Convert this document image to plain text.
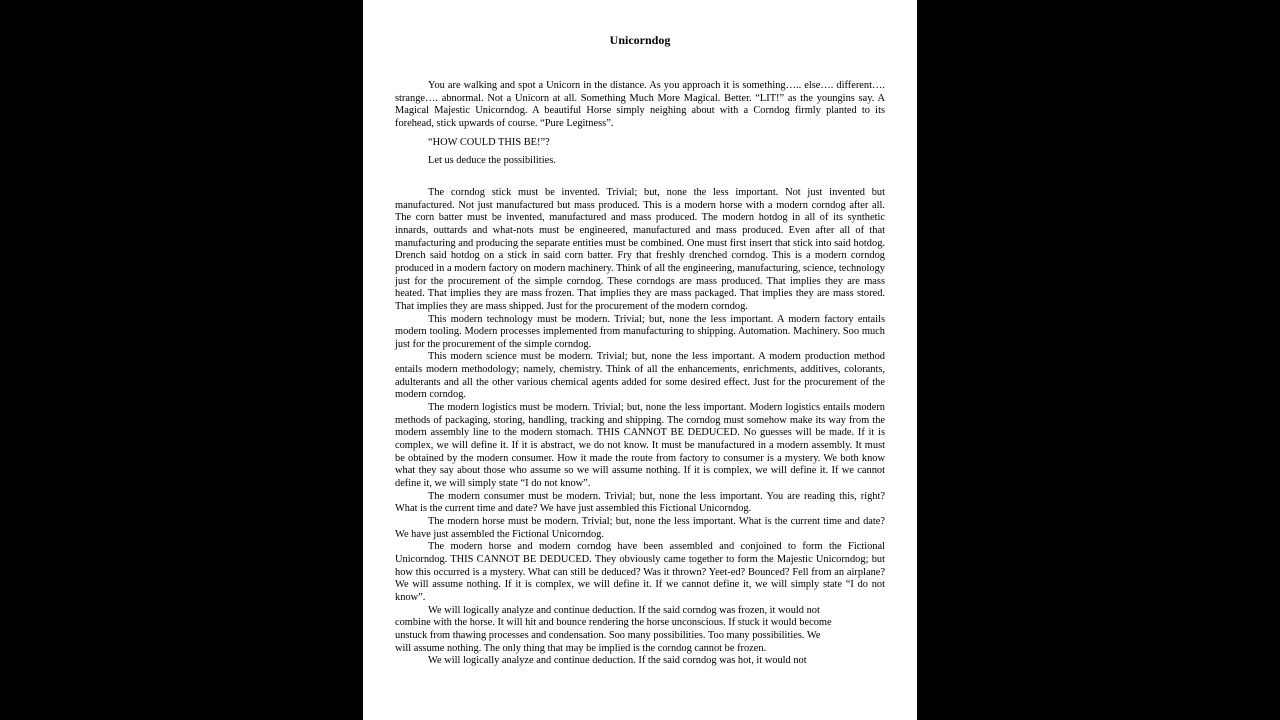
Unicorndog

You are walking and spot a Unicorn in the distance. As you approach it is something….. else…. different…. strange…. abnormal. Not a Unicorn at all. Something Much More Magical. Better. “LIT!” as the youngins say. A Magical Majestic Unicorndog. A beautiful Horse simply neighing about with a Corndog firmly planted to its forehead, stick upwards of course. “Pure Legitness”.

“HOW COULD THIS BE!”?

Let us deduce the possibilities.

The corndog stick must be invented. Trivial; but, none the less important. Not just invented but manufactured. Not just manufactured but mass produced. This is a modern horse with a modern corndog after all. The corn batter must be invented, manufactured and mass produced. The modern hotdog in all of its synthetic innards, outtards and what-nots must be engineered, manufactured and mass produced. Even after all of that manufacturing and producing the separate entities must be combined. One must first insert that stick into said hotdog. Drench said hotdog on a stick in said corn batter. Fry that freshly drenched corndog. This is a modern corndog produced in a modern factory on modern machinery. Think of all the engineering, manufacturing, science, technology just for the procurement of the simple corndog. These corndogs are mass produced. That implies they are mass heated. That implies they are mass frozen. That implies they are mass packaged. That implies they are mass stored. That implies they are mass shipped. Just for the procurement of the modern corndog.

This modern technology must be modern. Trivial; but, none the less important. A modern factory entails modern tooling. Modern processes implemented from manufacturing to shipping. Automation. Machinery. Soo much just for the procurement of the simple corndog.

This modern science must be modern. Trivial; but, none the less important. A modern production method entails modern methodology; namely, chemistry. Think of all the enhancements, enrichments, additives, colorants, adulterants and all the other various chemical agents added for some desired effect. Just for the procurement of the modern corndog.

The modern logistics must be modern. Trivial; but, none the less important. Modern logistics entails modern methods of packaging, storing, handling, tracking and shipping. The corndog must somehow make its way from the modern assembly line to the modern stomach. THIS CANNOT BE DEDUCED. No guesses will be made. If it is complex, we will define it. If it is abstract, we do not know. It must be manufactured in a modern assembly. It must be obtained by the modern consumer. How it made the route from factory to consumer is a mystery. We both know what they say about those who assume so we will assume nothing. If it is complex, we will define it. If we cannot define it, we will simply state “I do not know”.

The modern consumer must be modern. Trivial; but, none the less important. You are reading this, right? What is the current time and date? We have just assembled this Fictional Unicorndog.

The modern horse must be modern. Trivial; but, none the less important. What is the current time and date? We have just assembled the Fictional Unicorndog.

The modern horse and modern corndog have been assembled and conjoined to form the Fictional Unicorndog. THIS CANNOT BE DEDUCED. They obviously came together to form the Majestic Unicorndog; but how this occurred is a mystery. What can still be deduced? Was it thrown? Yeet-ed? Bounced? Fell from an airplane? We will assume nothing. If it is complex, we will define it. If we cannot define it, we will simply state “I do not know”.

We will logically analyze and continue deduction. If the said corndog was frozen, it would not combine with the horse. It will hit and bounce rendering the horse unconscious. If stuck it would become unstuck from thawing processes and condensation. Soo many possibilities. Too many possibilities. We will assume nothing. The only thing that may be implied is the corndog cannot be frozen.

We will logically analyze and continue deduction. If the said corndog was hot, it would not
